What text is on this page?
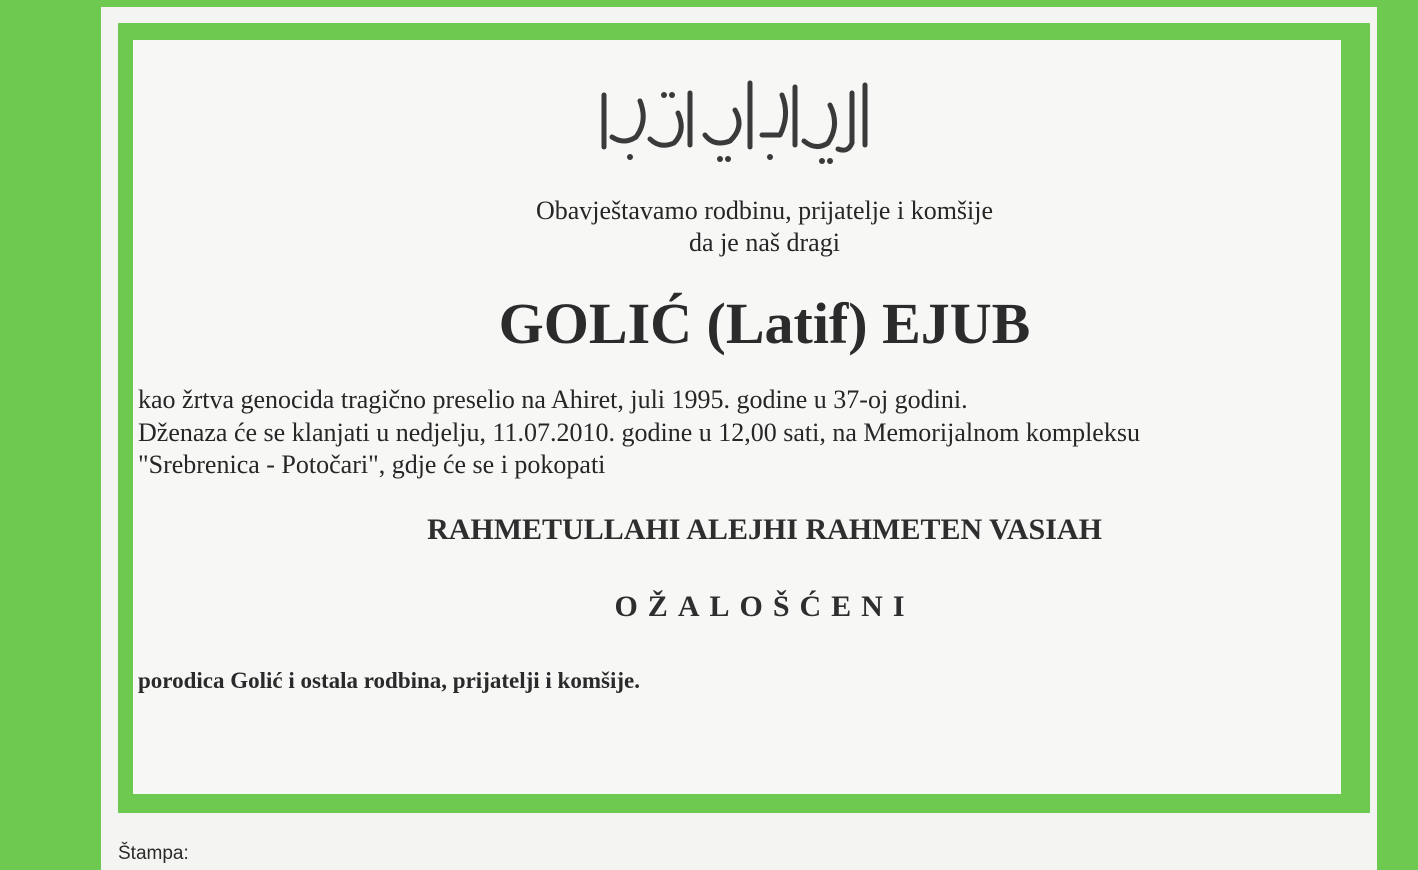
إرتحل إلى ربه

Obavještavamo rodbinu, prijatelje i komšije

da je naš dragi

GOLIĆ (Latif) EJUB

kao žrtva genocida tragično preselio na Ahiret, juli 1995. godine u 37-oj godini.

Dženaza će se klanjati u nedjelju, 11.07.2010. godine u 12,00 sati, na Memorijalnom kompleksu

"Srebrenica - Potočari", gdje će se i pokopati

RAHMETULLAHI ALEJHI RAHMETEN VASIAH

OŽALOŠĆENI

porodica Golić i ostala rodbina, prijatelji i komšije.

Štampa:
